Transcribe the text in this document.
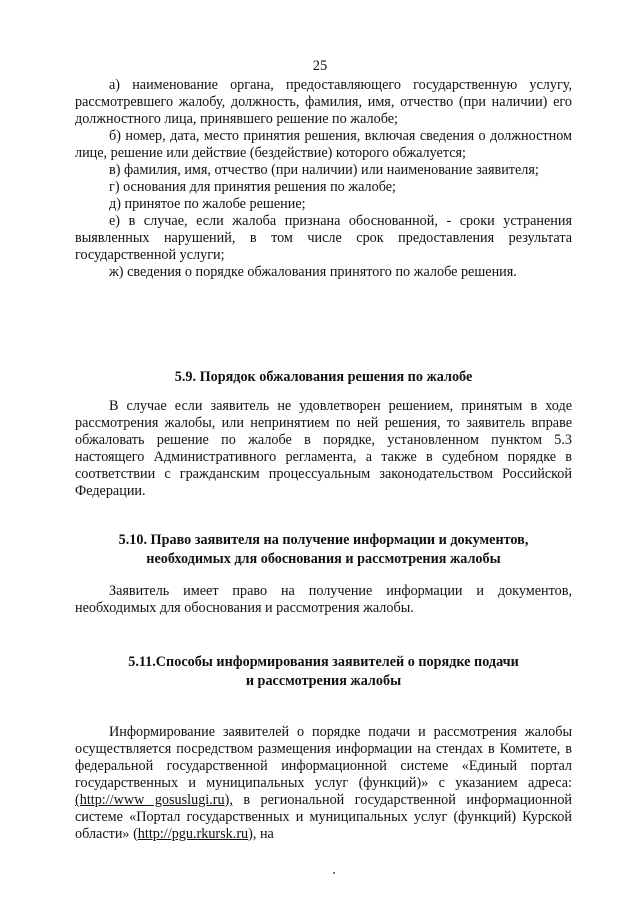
25

а) наименование органа, предоставляющего государственную услугу, рассмотревшего жалобу, должность, фамилия, имя, отчество (при наличии) его должностного лица, принявшего решение по жалобе;

б) номер, дата, место принятия решения, включая сведения о должностном лице, решение или действие (бездействие) которого обжалуется;

в) фамилия, имя, отчество (при наличии) или наименование заявителя;

г) основания для принятия решения по жалобе;

д) принятое по жалобе решение;

е) в случае, если жалоба признана обоснованной, - сроки устранения выявленных нарушений, в том числе срок предоставления результата государственной услуги;

ж) сведения о порядке обжалования принятого по жалобе решения.

5.9. Порядок обжалования решения по жалобе

В случае если заявитель не удовлетворен решением, принятым в ходе рассмотрения жалобы, или непринятием по ней решения, то заявитель вправе обжаловать решение по жалобе в порядке, установленном пунктом 5.3 настоящего Административного регламента, а также в судебном порядке в соответствии с гражданским процессуальным законодательством Российской Федерации.

5.10. Право заявителя на получение информации и документов,
необходимых для обоснования и рассмотрения жалобы

Заявитель имеет право на получение информации и документов, необходимых для обоснования и рассмотрения жалобы.

5.11.Способы информирования заявителей о порядке подачи
и рассмотрения жалобы

Информирование заявителей о порядке подачи и рассмотрения жалобы осуществляется посредством размещения информации на стендах в Комитете, в федеральной государственной информационной системе «Единый портал государственных и муниципальных услуг (функций)» с указанием адреса: (http://www gosuslugi.ru), в региональной государственной информационной системе «Портал государственных и муниципальных услуг (функций) Курской области» (http://pgu.rkursk.ru), на
